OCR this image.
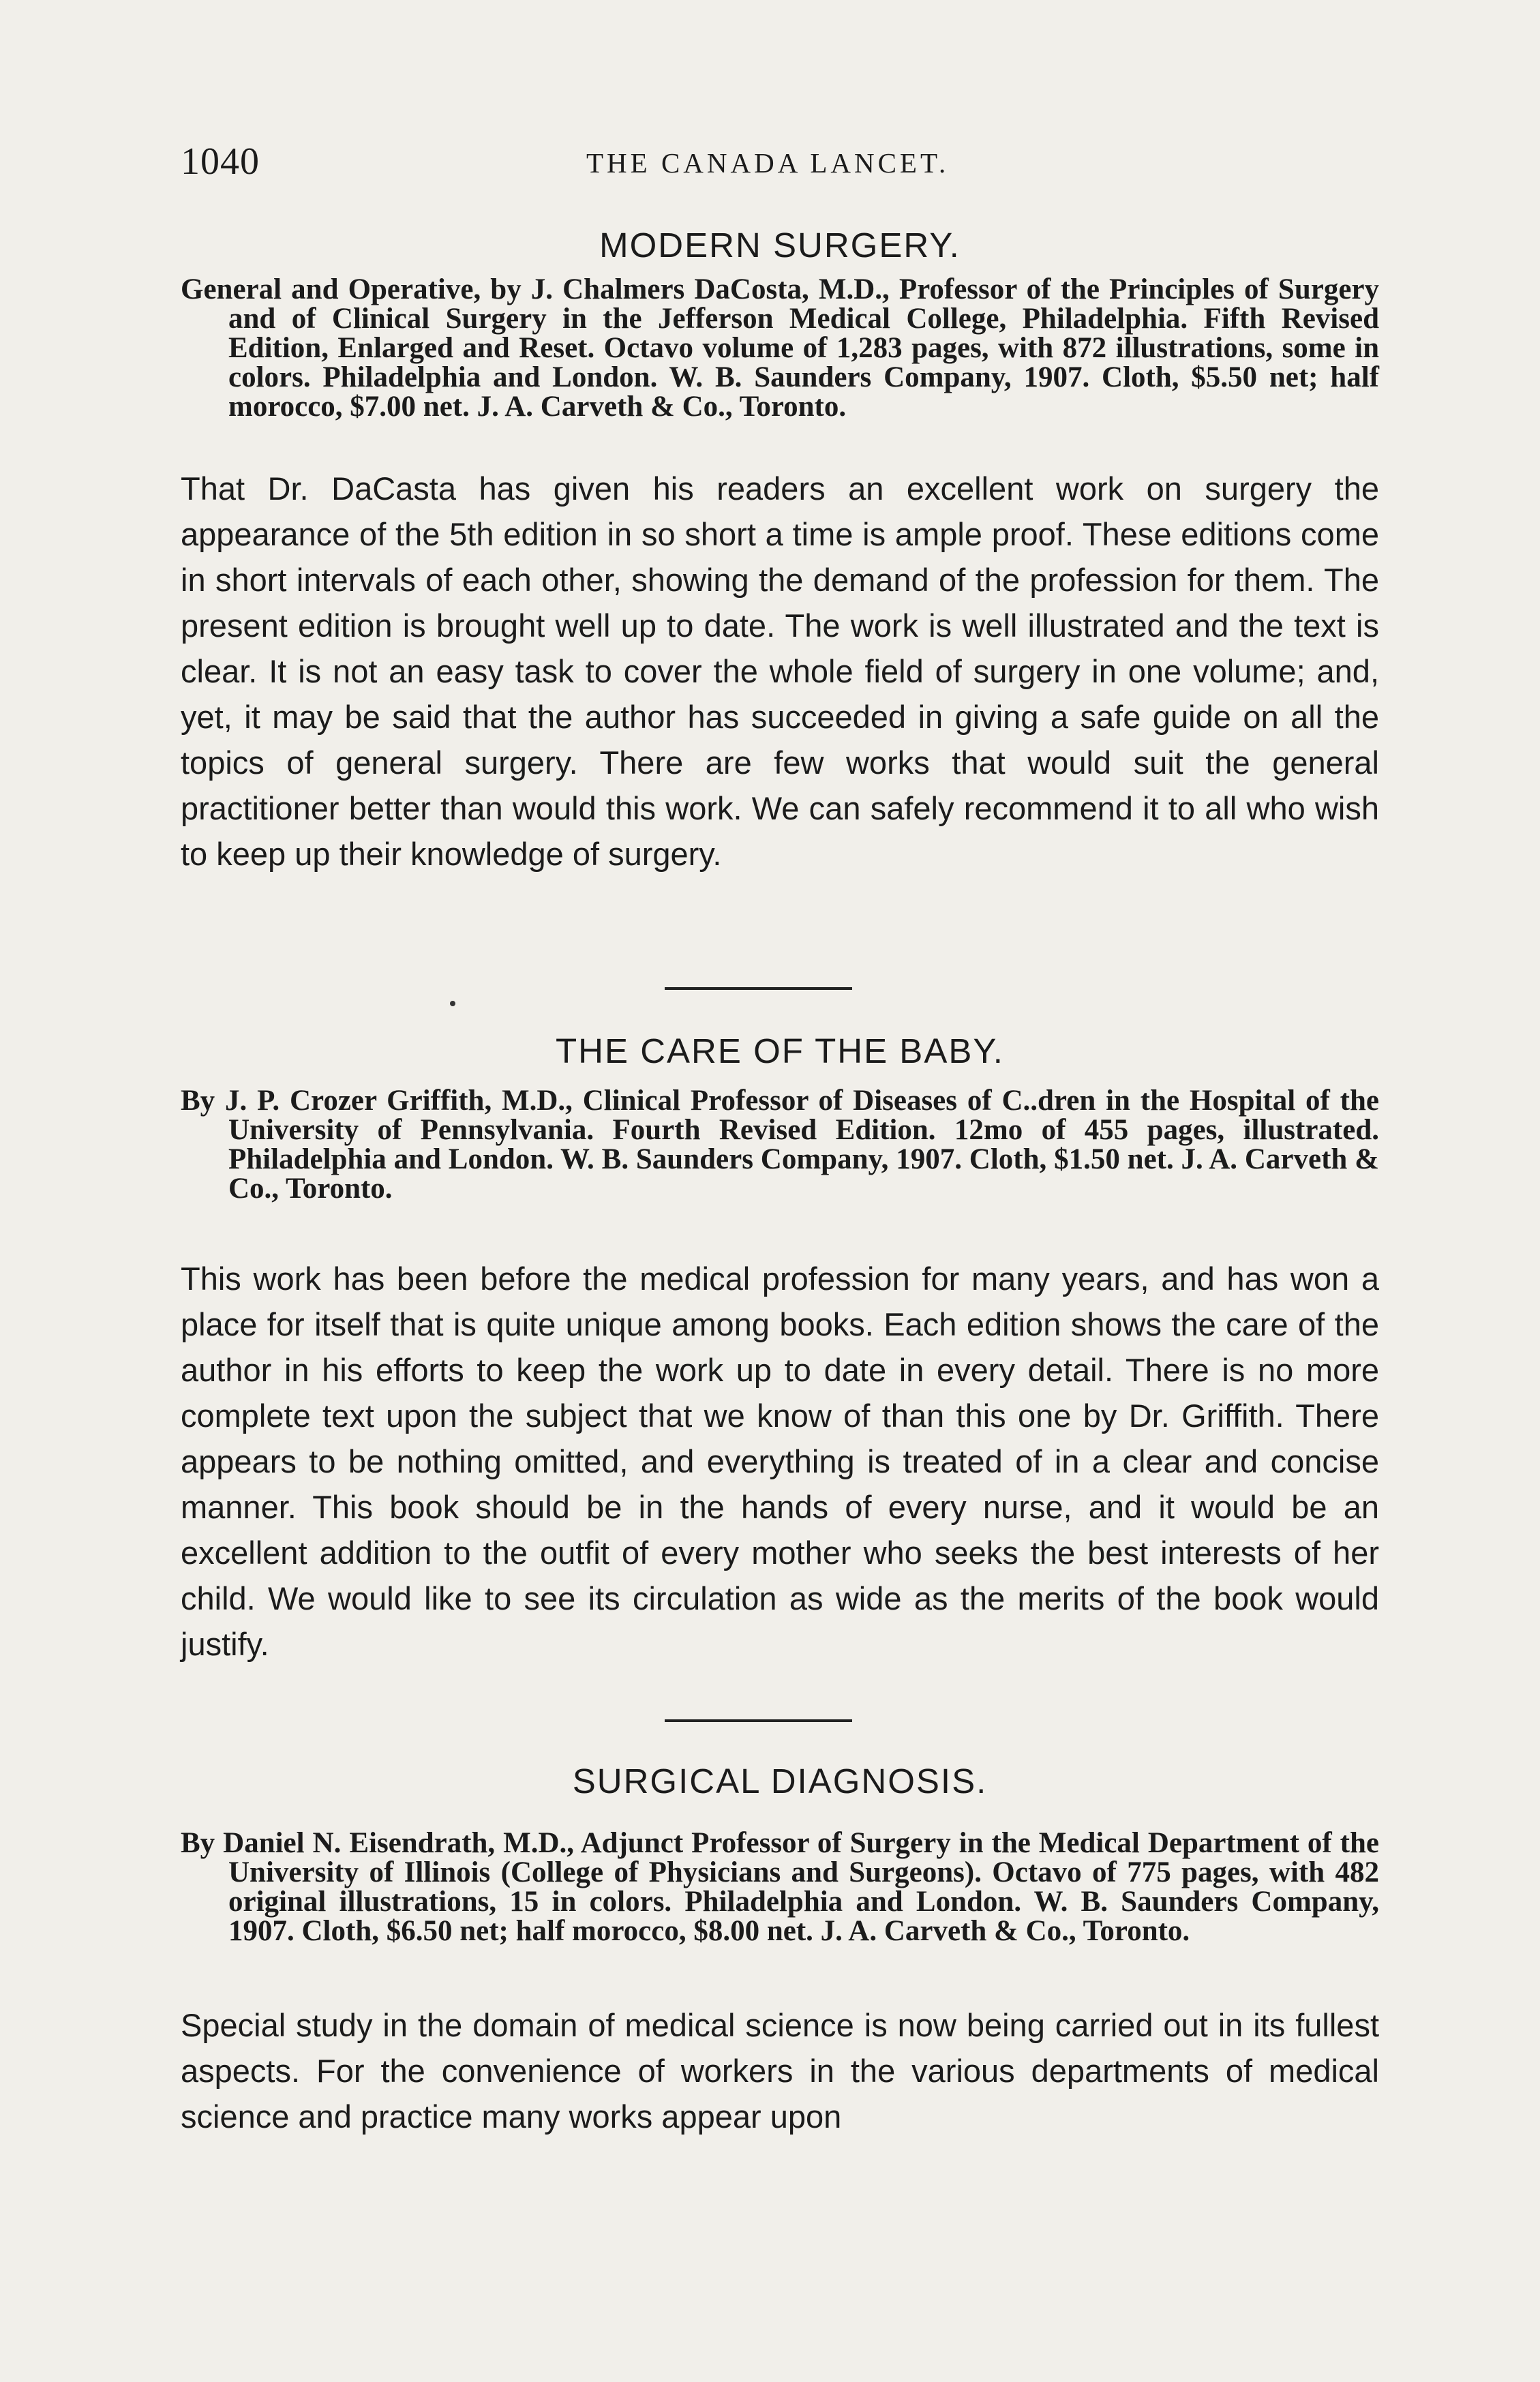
1040	THE CANADA LANCET.
MODERN SURGERY.
General and Operative, by J. Chalmers DaCosta, M.D., Professor of the Principles of Surgery and of Clinical Surgery in the Jefferson Medical College, Philadelphia. Fifth Revised Edition, Enlarged and Reset. Octavo volume of 1,283 pages, with 872 illustrations, some in colors. Philadelphia and London. W. B. Saunders Company, 1907. Cloth, $5.50 net; half morocco, $7.00 net. J. A. Carveth & Co., Toronto.
That Dr. DaCasta has given his readers an excellent work on surgery the appearance of the 5th edition in so short a time is ample proof. These editions come in short intervals of each other, showing the demand of the profession for them. The present edition is brought well up to date. The work is well illustrated and the text is clear. It is not an easy task to cover the whole field of surgery in one volume; and, yet, it may be said that the author has succeeded in giving a safe guide on all the topics of general surgery. There are few works that would suit the general practitioner better than would this work. We can safely recommend it to all who wish to keep up their knowledge of surgery.
THE CARE OF THE BABY.
By J. P. Crozer Griffith, M.D., Clinical Professor of Diseases of C..dren in the Hospital of the University of Pennsylvania. Fourth Revised Edition. 12mo of 455 pages, illustrated. Philadelphia and London. W. B. Saunders Company, 1907. Cloth, $1.50 net. J. A. Carveth & Co., Toronto.
This work has been before the medical profession for many years, and has won a place for itself that is quite unique among books. Each edition shows the care of the author in his efforts to keep the work up to date in every detail. There is no more complete text upon the subject that we know of than this one by Dr. Griffith. There appears to be nothing omitted, and everything is treated of in a clear and concise manner. This book should be in the hands of every nurse, and it would be an excellent addition to the outfit of every mother who seeks the best interests of her child. We would like to see its circulation as wide as the merits of the book would justify.
SURGICAL DIAGNOSIS.
By Daniel N. Eisendrath, M.D., Adjunct Professor of Surgery in the Medical Department of the University of Illinois (College of Physicians and Surgeons). Octavo of 775 pages, with 482 original illustrations, 15 in colors. Philadelphia and London. W. B. Saunders Company, 1907. Cloth, $6.50 net; half morocco, $8.00 net. J. A. Carveth & Co., Toronto.
Special study in the domain of medical science is now being carried out in its fullest aspects. For the convenience of workers in the various departments of medical science and practice many works appear upon
